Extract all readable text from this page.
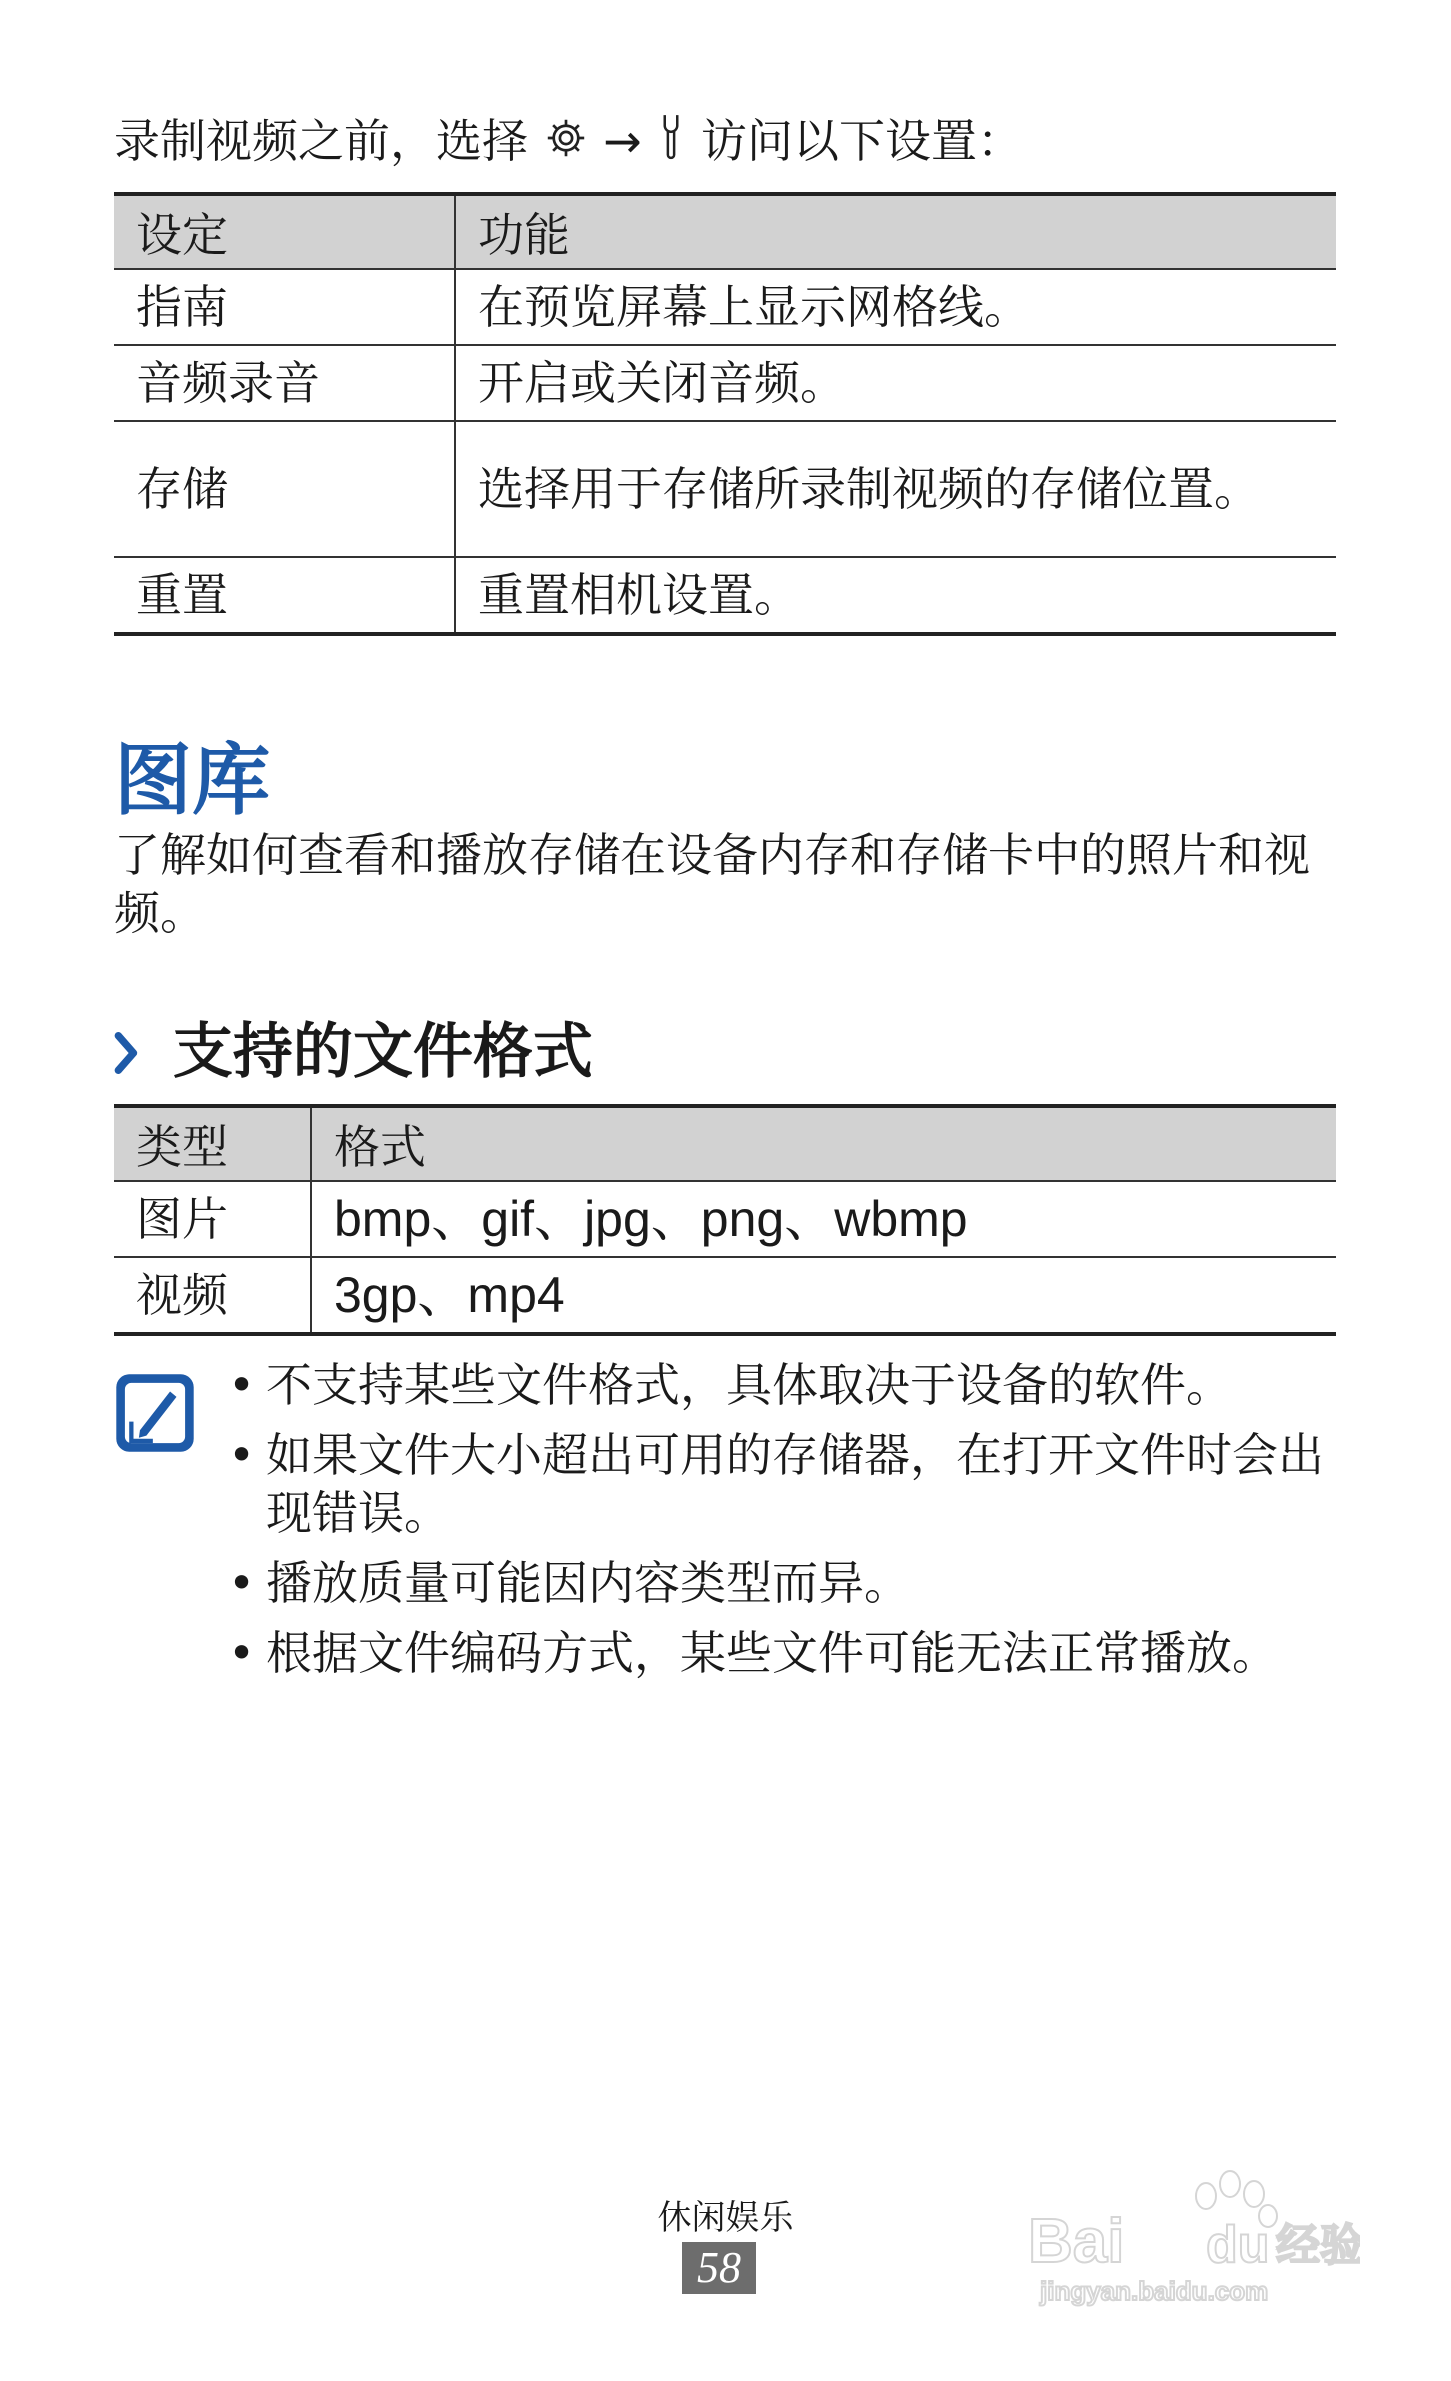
录制视频之前，选择 → 访问以下设置：
设定	功能
指南	在预览屏幕上显示网格线。
音频录音	开启或关闭音频。
存储	选择用于存储所录制视频的存储位置。
重置	重置相机设置。
图库
了解如何查看和播放存储在设备内存和存储卡中的照片和视频。
支持的文件格式
类型	格式
图片	bmp、gif、jpg、png、wbmp
视频	3gp、mp4
• 不支持某些文件格式，具体取决于设备的软件。
• 如果文件大小超出可用的存储器，在打开文件时会出现错误。
• 播放质量可能因内容类型而异。
• 根据文件编码方式，某些文件可能无法正常播放。
休闲娱乐
58	Bai du 经验
jingyan.baidu.com
